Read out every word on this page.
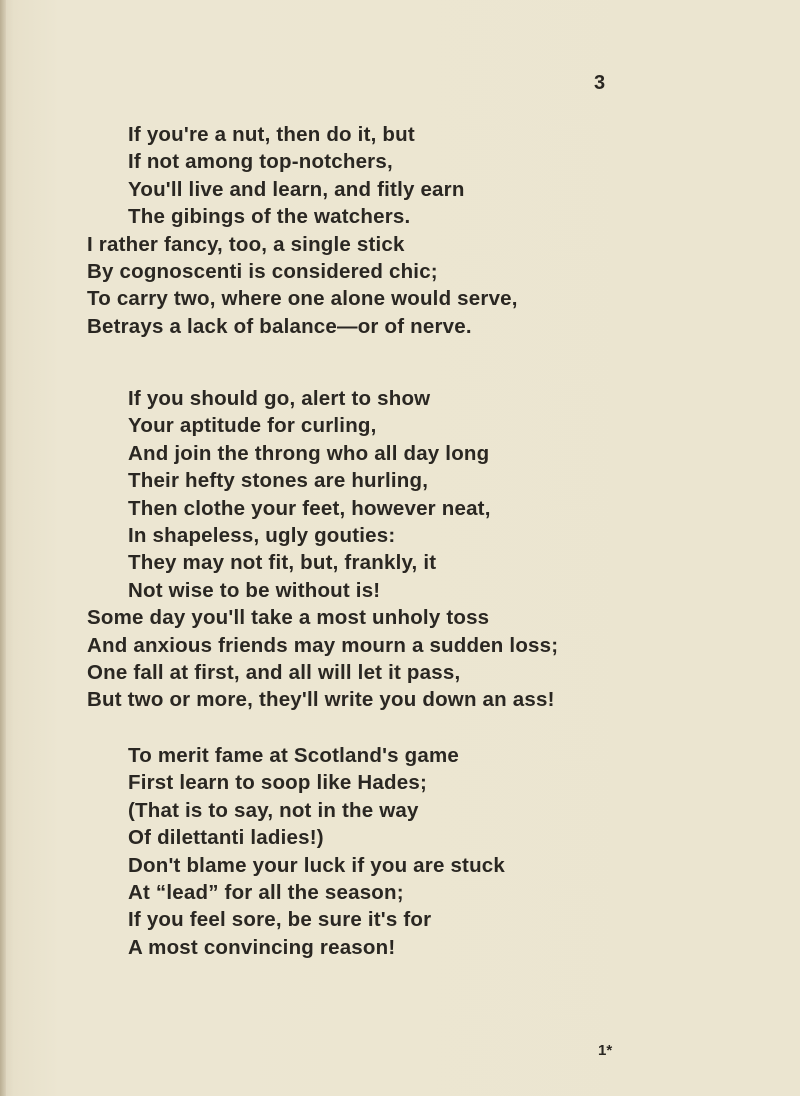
3
If you're a nut, then do it, but
If not among top-notchers,
You'll live and learn, and fitly earn
The gibings of the watchers.
I rather fancy, too, a single stick
By cognoscenti is considered chic;
To carry two, where one alone would serve,
Betrays a lack of balance—or of nerve.
If you should go, alert to show
Your aptitude for curling,
And join the throng who all day long
Their hefty stones are hurling,
Then clothe your feet, however neat,
In shapeless, ugly gouties:
They may not fit, but, frankly, it
Not wise to be without is!
Some day you'll take a most unholy toss
And anxious friends may mourn a sudden loss;
One fall at first, and all will let it pass,
But two or more, they'll write you down an ass!
To merit fame at Scotland's game
First learn to soop like Hades;
(That is to say, not in the way
Of dilettanti ladies!)
Don't blame your luck if you are stuck
At “lead” for all the season;
If you feel sore, be sure it's for
A most convincing reason!
1*
